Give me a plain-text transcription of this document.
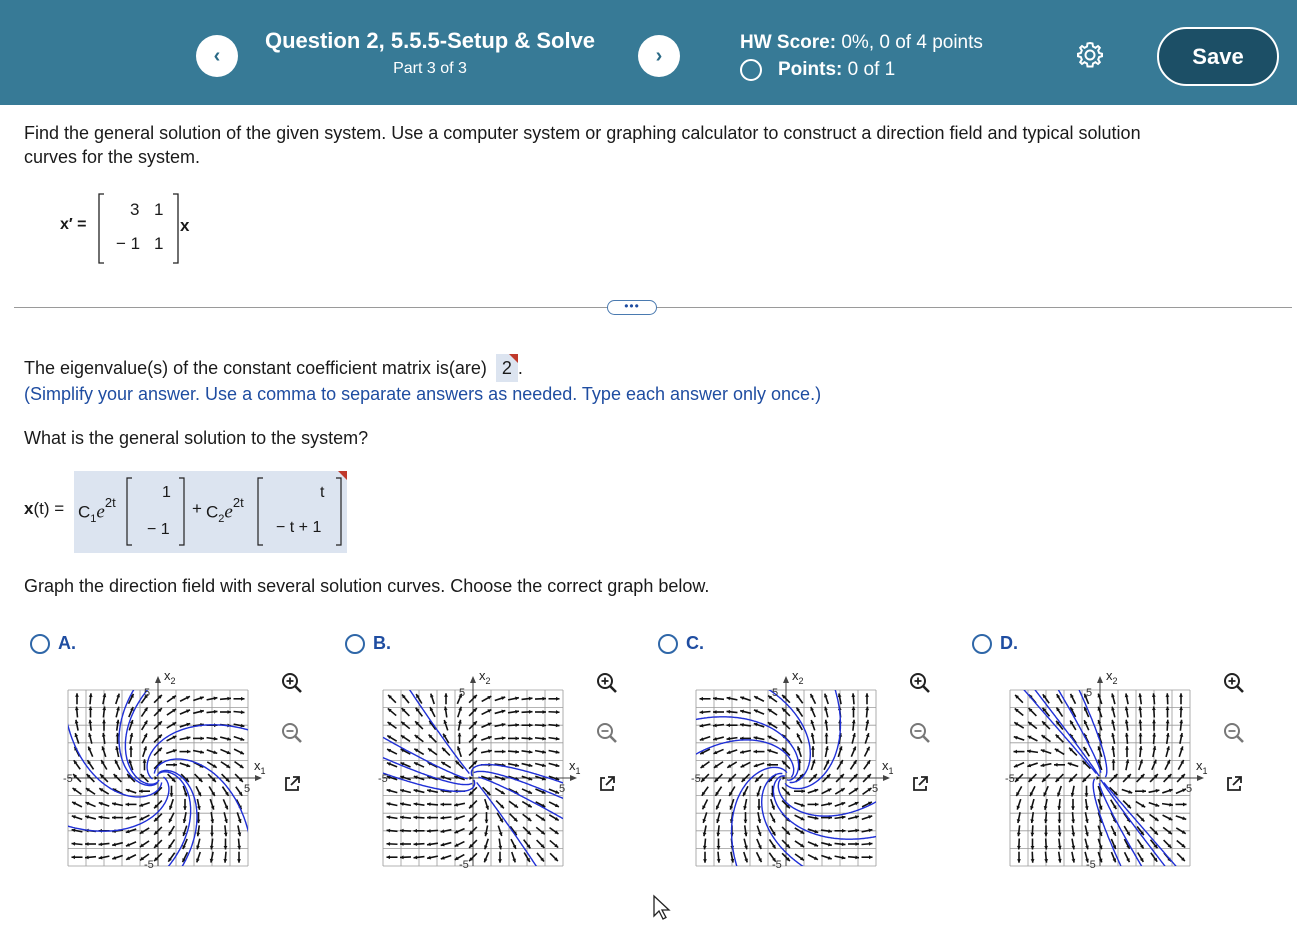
‹
Question 2, 5.5.5-Setup & Solve
Part 3 of 3
›
HW Score: 0%, 0 of 4 points
Points:
0 of 1
Save
Find the general solution of the given system. Use a computer system or graphing calculator to construct a direction field and typical solution
curves for the system.
x′ =
3 1
− 1 1
x
•••
The eigenvalue(s) of the constant coefficient matrix is(are) 2 .
(Simplify your answer. Use a comma to separate answers as needed. Type each answer only once.)
What is the general solution to the system?
$x(t) = C_1e^{2t}$
1
− 1
+ $C_2e^{2t}$
t
− t + 1
Graph the direction field with several solution curves. Choose the correct graph below.
A.
5
-5
-5
5
$x_2$
$x_1$
B.
5
-5
-5
5
$x_2$
$x_1$
C.
5
-5
-5
5
$x_2$
$x_1$
D.
5
-5
-5
5
$x_2$
$x_1$
